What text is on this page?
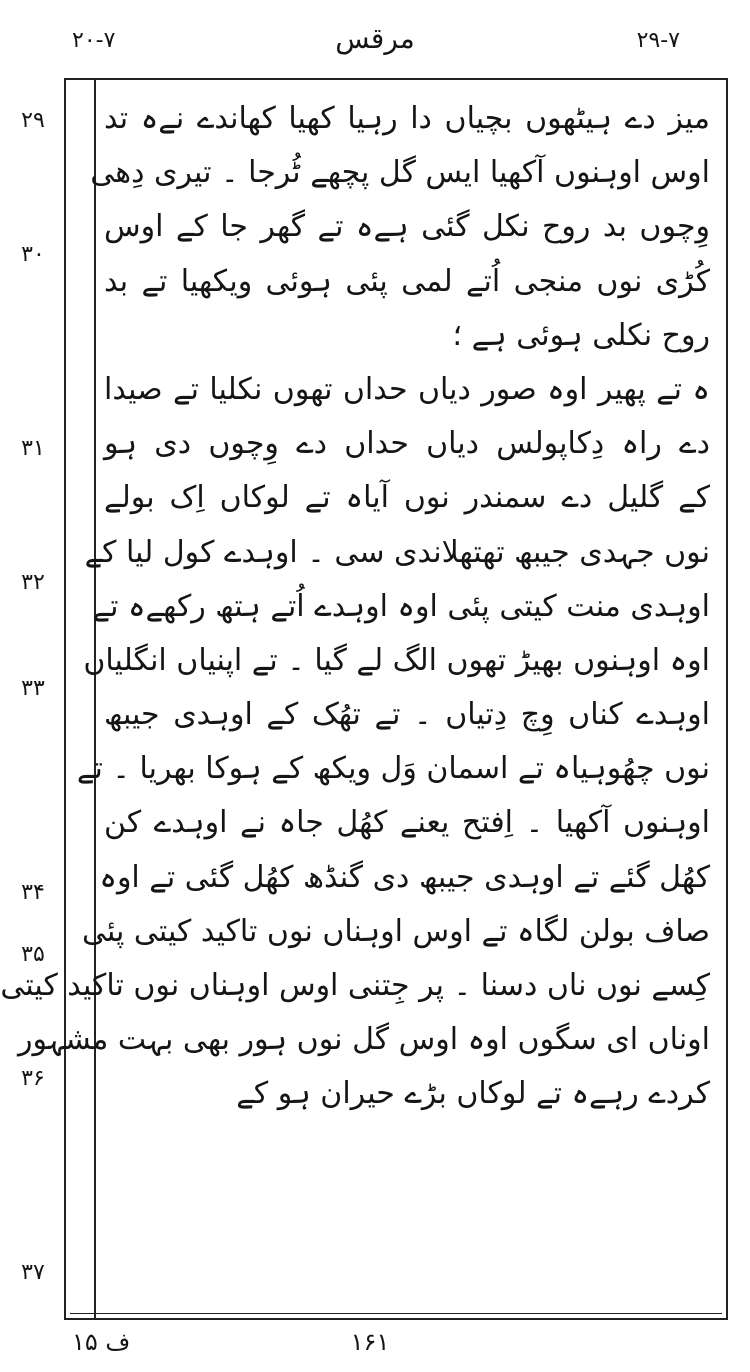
۲۰-۷	مرقس	۲۹-۷
۲۹
۳۰
۳۱
۳۲
۳۳
۳۴
۳۵
۳۶
۳۷
میز دے ہیٹھوں بچیاں دا رہیا کھیا کھاندے نےہ تد
اوس اوہنوں آکھیا ایس گل پچھے ٹُرجا ۔ تیری دِھی
وِچوں بد روح نکل گئی ہےہ تے گھر جا کے اوس
کُڑی نوں منجی اُتے لمی پئی ہوئی ویکھیا تے بد
روح نکلی ہوئی ہے ؛
ہ تے پھیر اوہ صور دیاں حداں تھوں نکلیا تے صیدا
دے راہ دِکاپولس دیاں حداں دے وِچوں دی ہو
کے گلیل دے سمندر نوں آیاہ تے لوکاں اِک بولے
نوں جہدی جیبھ تھتھلاندی سی ۔ اوہدے کول لیا کے
اوہدی منت کیتی پئی اوہ اوہدے اُتے ہتھ رکھےہ تے
اوہ اوہنوں بھیڑ تھوں الگ لے گیا ۔ تے اپنیاں انگلیاں
اوہدے کناں وِچ دِتیاں ۔ تے تھُک کے اوہدی جیبھ
نوں چھُوہیاہ تے اسمان وَل ویکھ کے ہوکا بھریا ۔ تے
اوہنوں آکھیا ۔ اِفتح یعنے کھُل جاہ نے اوہدے کن
کھُل گئے تے اوہدی جیبھ دی گنڈھ کھُل گئی تے اوہ
صاف بولن لگاہ تے اوس اوہناں نوں تاکید کیتی پئی
کِسے نوں ناں دسنا ۔ پر جِتنی اوس اوہناں نوں تاکید کیتی
اوناں ای سگوں اوہ اوس گل نوں ہور بھی بہت مشہور
کردے رہےہ تے لوکاں بڑے حیران ہو کے
ف ۱۵	۱۶۱
